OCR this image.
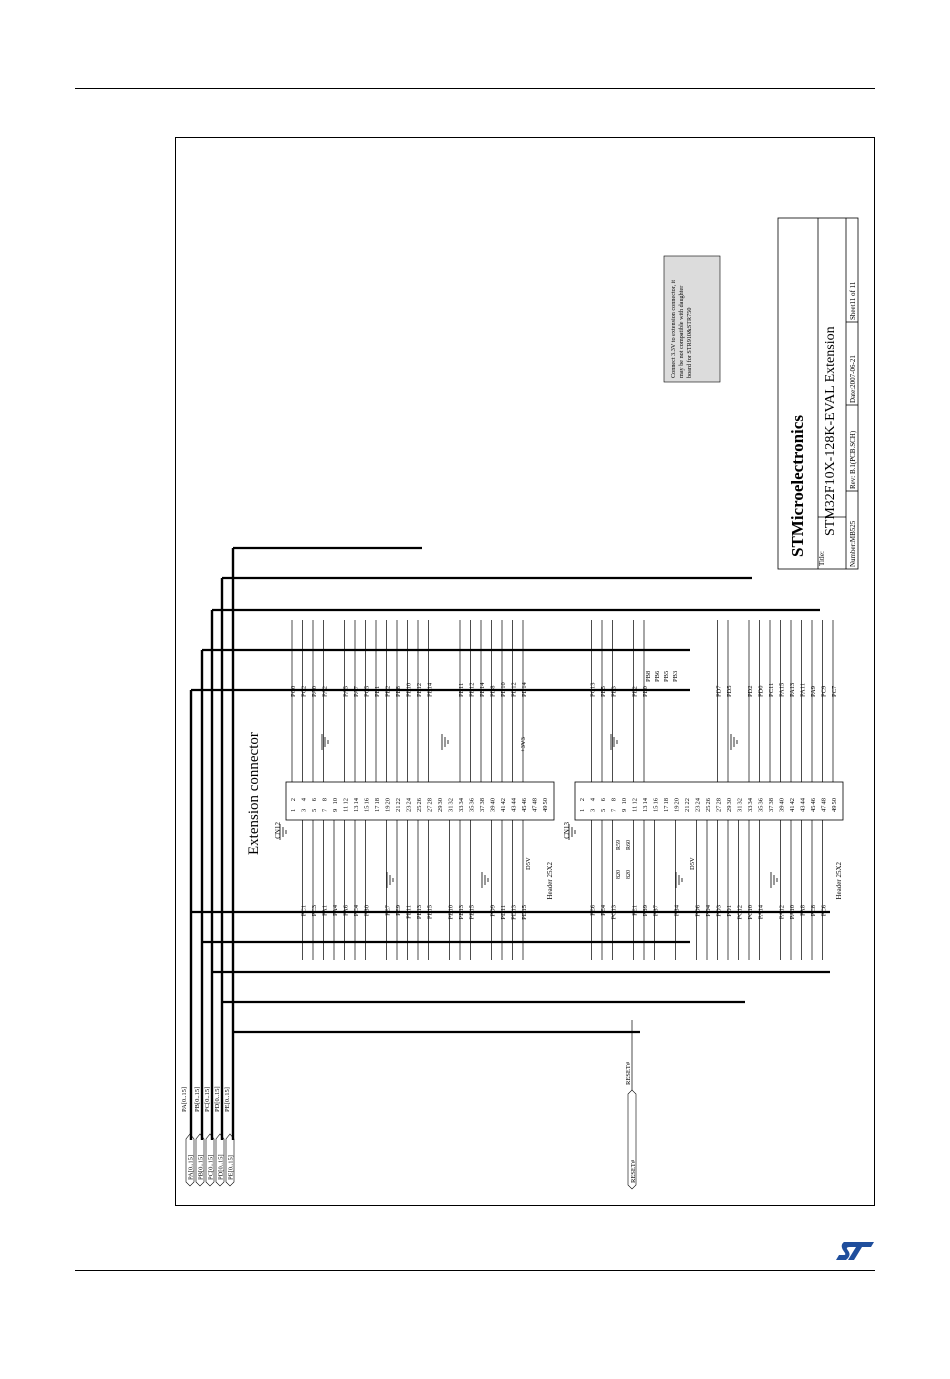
STMicroelectronics
Title:
STM32F10X-128K-EVAL Extension
Number:MB525
Rev: B.1(PCB.SCH)
Date:2007-06-21
Sheet11 of 11
Connect 3.3V to extension connector, it may be not compatible with daughter board for STR910&STR750
Extension connector
PA[0..15]
PA[0..15]
PB[0..15]
PB[0..15]
PC[0..15]
PC[0..15]
PD[0..15]
PD[0..15]
PE[0..15]
PE[0..15]
1
2
PC0
3
4
PC1
PC2
5
6
PC3
PA0
7
8
PA1
PA2
9
10
PA4
11
12
PA6
PA5
13
14
PC4
PA7
15
16
PB0
PC5
17
18
PB1
19
20
PE7
PB2
21
22
PE9
PE8
23
24
PE11
PE10
25
26
PE13
PE12
27
28
PE15
PE14
29
30
31
32
PB10
33
34
PB13
PB11
35
36
PB15
PB12
37
38
PB14
39
40
PD9
PD8
41
42
PD11
PD10
43
44
PD13
PD12
45
46
PD15
PD14
47
48
49
50
CN12
Header 25X2
+3V3
D5V
1
2
3
4
PE6
PC13
5
6
PE4
PE5
7
8
PC13
PE3
9
10
11
12
PE1
PE2
13
14
PB9
PE0
15
16
PB7
17
18
19
20
PB4
21
22
23
24
PD6
25
26
PD4
27
28
PD3
PD7
29
30
PD1
PD5
31
32
PC12
33
34
PC10
PD2
35
36
PA14
PD0
37
38
PC11
39
40
PA12
PA15
41
42
PA10
PA13
43
44
PA8
PA11
45
46
PC8
PA9
47
48
PC6
PC9
49
50
PC7
CN13
Header 25X2
D5V
PB8 PB6 PB5 PB3
R59
820
R60
820
RESET#
RESET#
